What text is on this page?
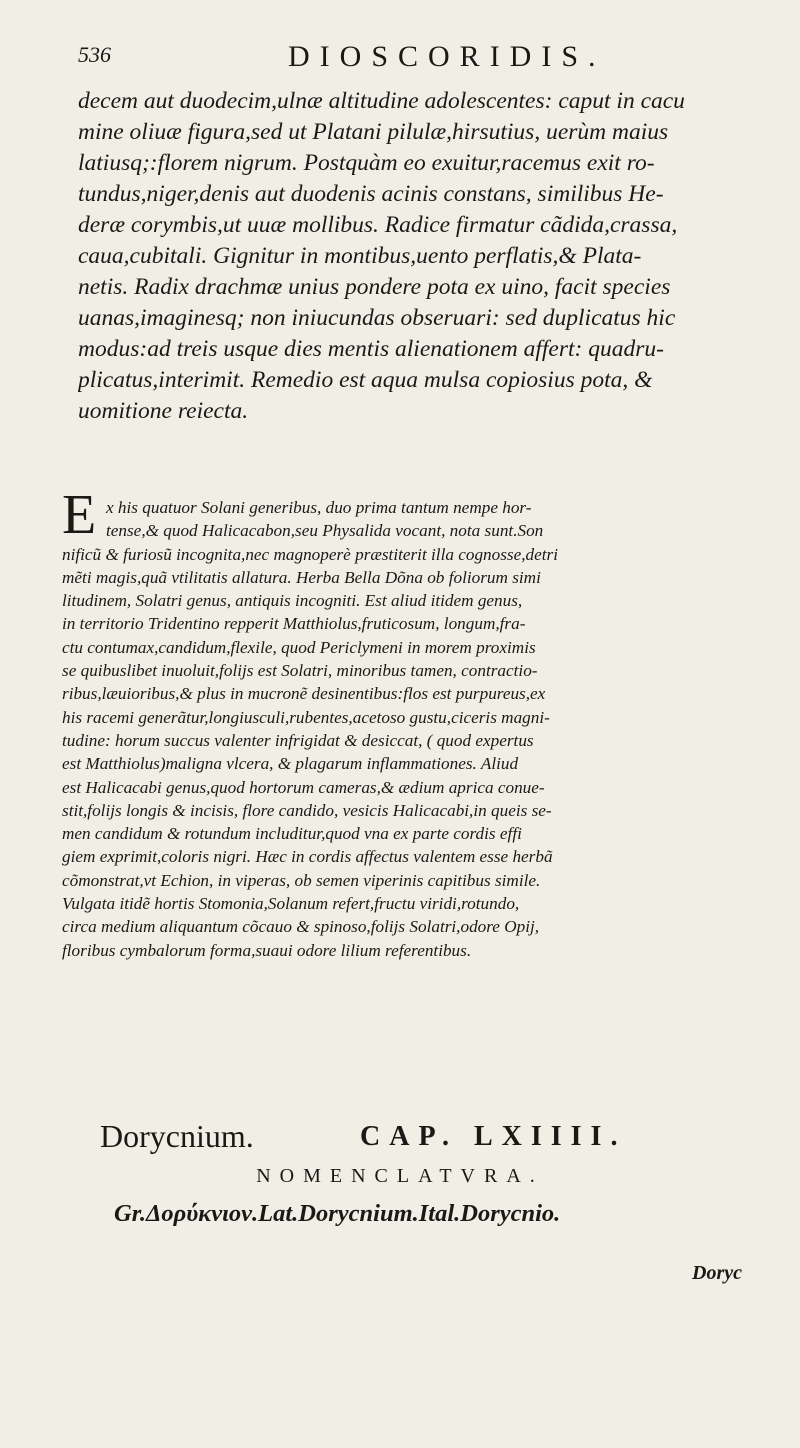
536	DIOSCORIDIS.
decem aut duodecim,ulnæ altitudine adolescentes: caput in cacu
mine oliuæ figura,sed ut Platani pilulæ,hirsutius, uerùm maius
latiusq;:florem nigrum. Postquàm eo exuitur,racemus exit ro-
tundus,niger,denis aut duodenis acinis constans, similibus He-
deræ corymbis,ut uuæ mollibus. Radice firmatur cãdida,crassa,
caua,cubitali. Gignitur in montibus,uento perflatis,& Plata-
netis. Radix drachmæ unius pondere pota ex uino, facit species
uanas,imaginesq; non iniucundas obseruari: sed duplicatus hic
modus:ad treis usque dies mentis alienationem affert: quadru-
plicatus,interimit. Remedio est aqua mulsa copiosius pota, &
uomitione reiecta.
E x his quatuor Solani generibus, duo prima tantum nempe hor-
tense,& quod Halicacabon,seu Physalida vocant, nota sunt.Son
nificũ & furiosũ incognita,nec magnoperè præstiterit illa cognosse,detri
mẽti magis,quã vtilitatis allatura. Herba Bella Dõna ob foliorum simi
litudinem, Solatri genus, antiquis incogniti. Est aliud itidem genus,
in territorio Tridentino repperit Matthiolus,fruticosum, longum,fra-
ctu contumax,candidum,flexile, quod Periclymeni in morem proximis
se quibuslibet inuoluit,folijs est Solatri, minoribus tamen, contractio-
ribus,læuioribus,& plus in mucronẽ desinentibus:flos est purpureus,ex
his racemi generãtur,longiusculi,rubentes,acetoso gustu,ciceris magni-
tudine: horum succus valenter infrigidat & desiccat, ( quod expertus
est Matthiolus)maligna vlcera, & plagarum inflammationes. Aliud
est Halicacabi genus,quod hortorum cameras,& ædium aprica conue-
stit,folijs longis & incisis, flore candido, vesicis Halicacabi,in queis se-
men candidum & rotundum includitur,quod vna ex parte cordis effi
giem exprimit,coloris nigri. Hæc in cordis affectus valentem esse herbã
cõmonstrat,vt Echion, in viperas, ob semen viperinis capitibus simile.
Vulgata itidẽ hortis Stomonia,Solanum refert,fructu viridi,rotundo,
circa medium aliquantum cõcauo & spinoso,folijs Solatri,odore Opij,
floribus cymbalorum forma,suaui odore lilium referentibus.
Dorycnium.	CAP. LXIIII.
NOMENCLATVRA.
Gr.Δορύκνιον.Lat.Dorycnium.Ital.Dorycnio.
Doryc
